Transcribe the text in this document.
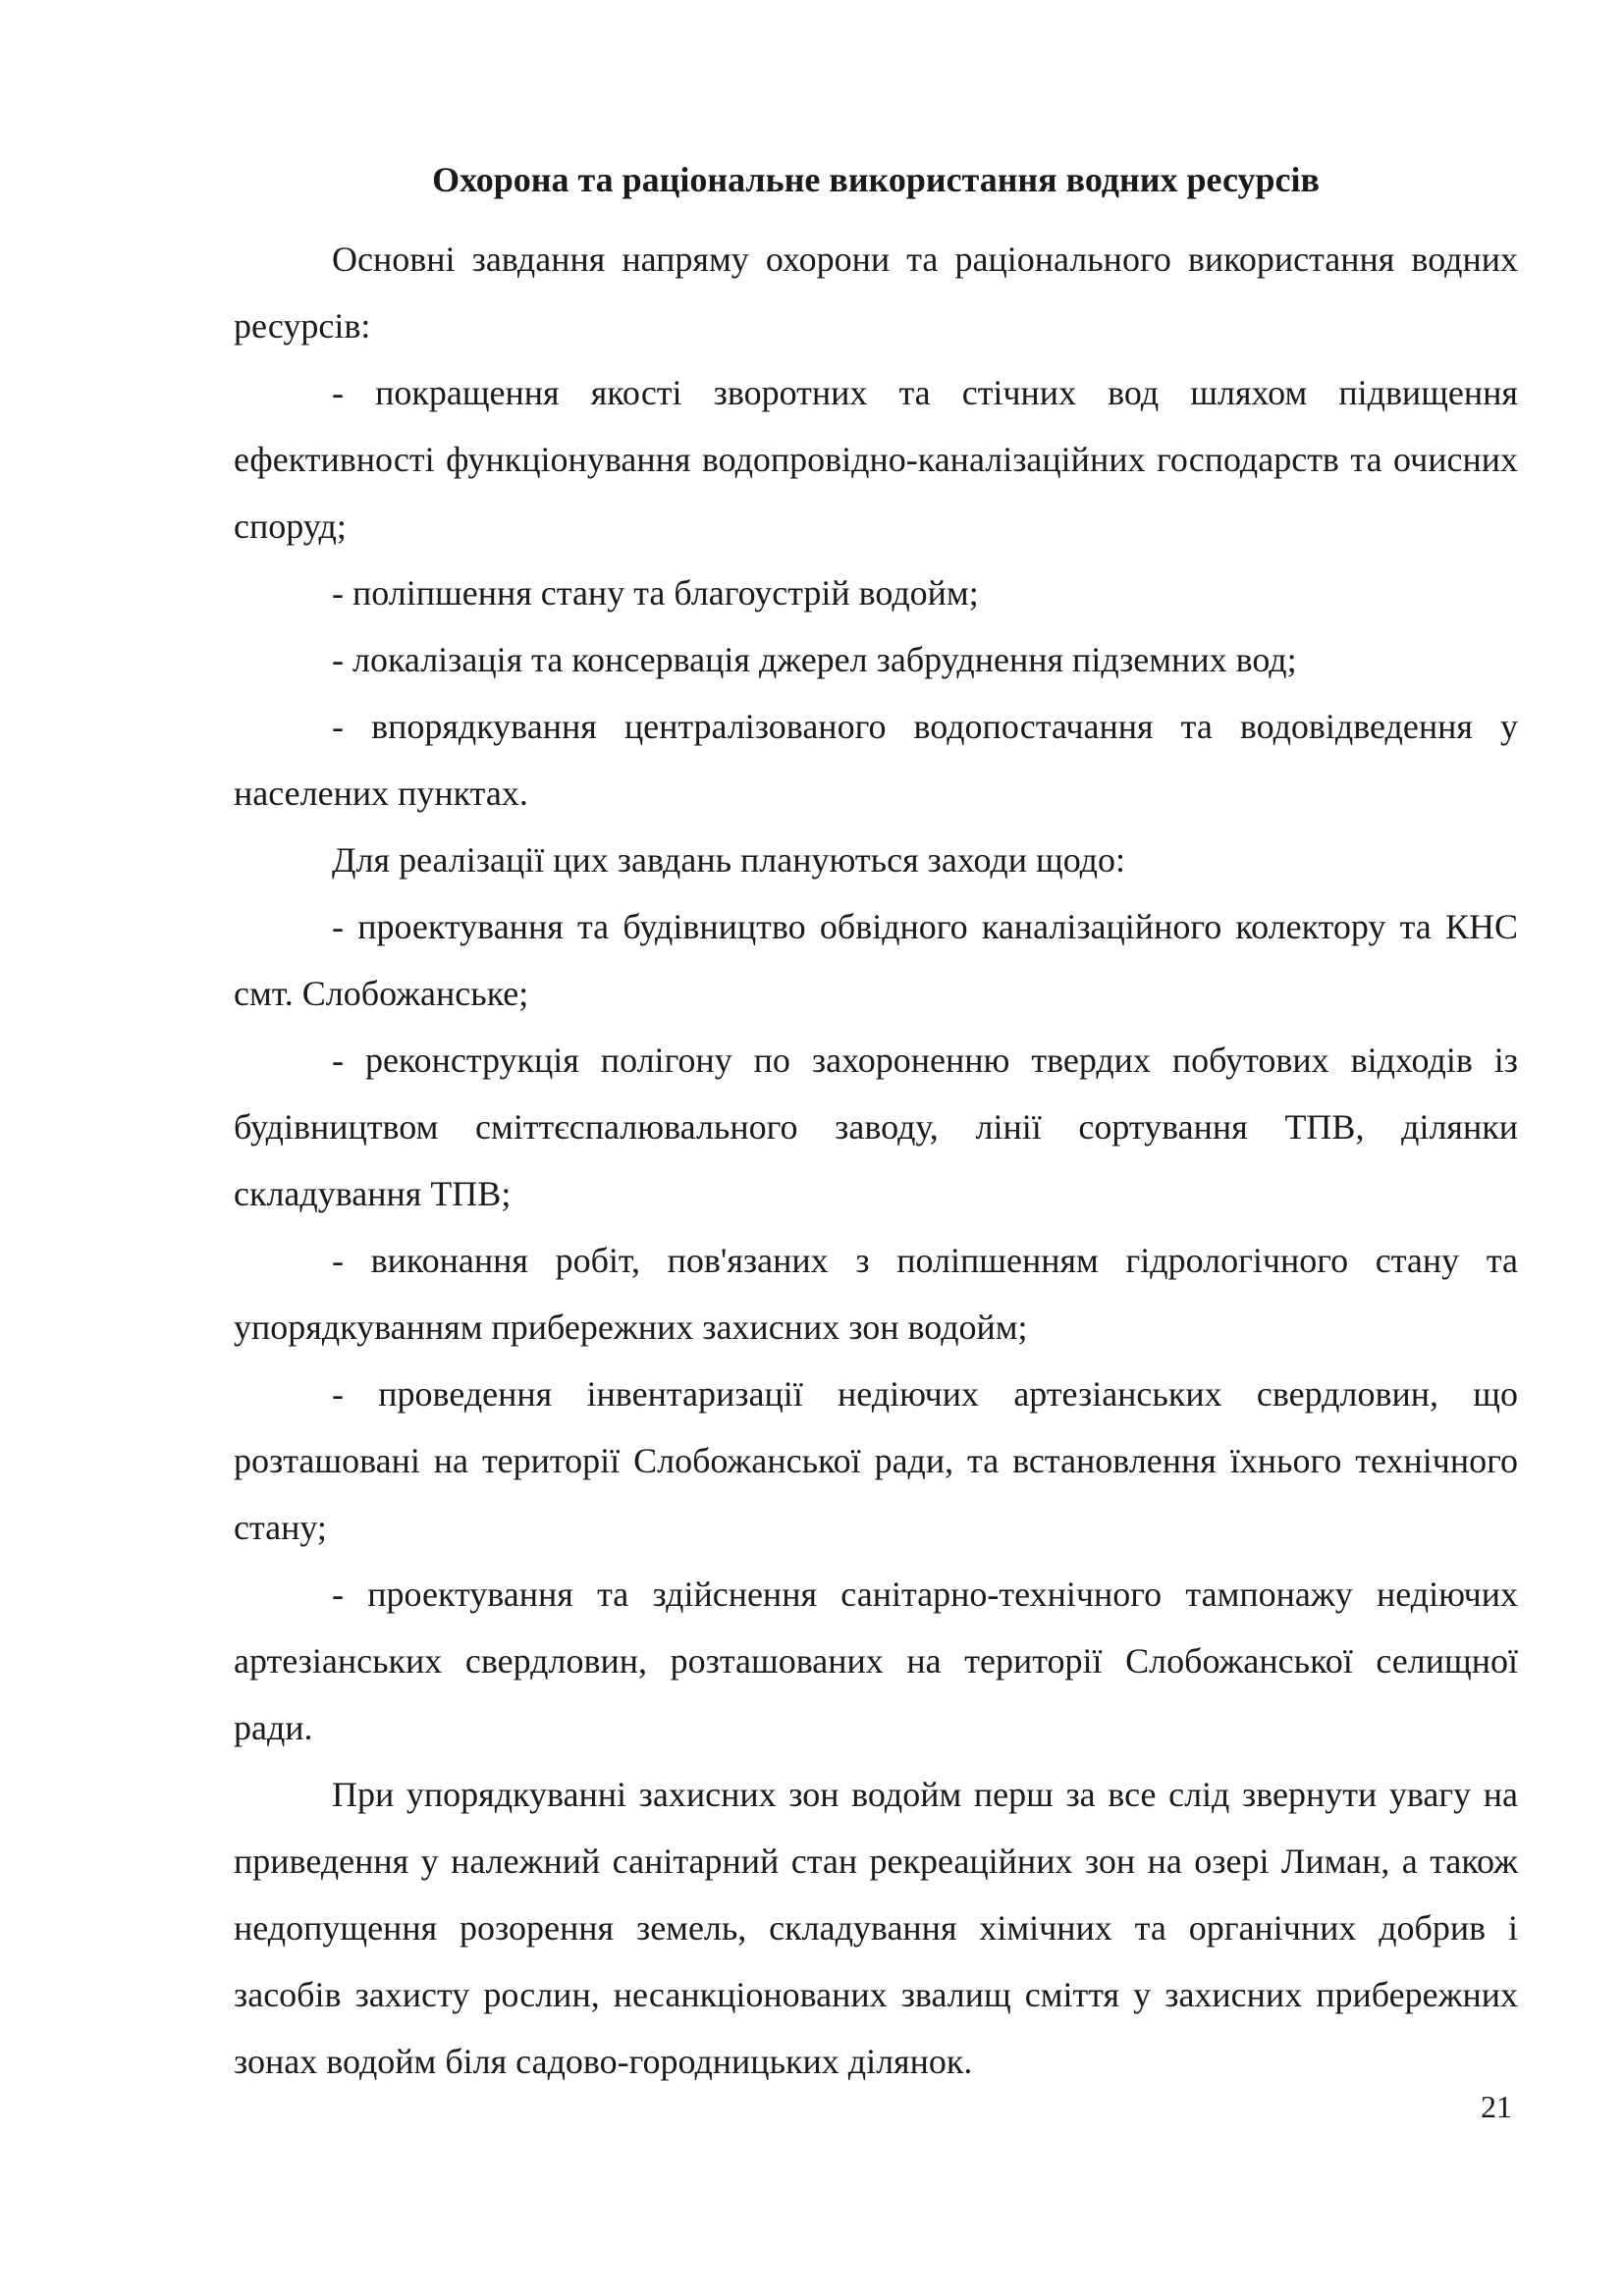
Охорона та раціональне використання водних ресурсів

Основні завдання напряму охорони та раціонального використання водних ресурсів:

- покращення якості зворотних та стічних вод шляхом підвищення ефективності функціонування водопровідно-каналізаційних господарств та очисних споруд;

- поліпшення стану та благоустрій водойм;

- локалізація та консервація джерел забруднення підземних вод;

- впорядкування централізованого водопостачання та водовідведення у населених пунктах.

Для реалізації цих завдань плануються заходи щодо:

- проектування та будівництво обвідного каналізаційного колектору та КНС смт. Слобожанське;

- реконструкція полігону по захороненню твердих побутових відходів із будівництвом сміттєспалювального заводу, лінії сортування ТПВ, ділянки складування ТПВ;

- виконання робіт, пов'язаних з поліпшенням гідрологічного стану та упорядкуванням прибережних захисних зон водойм;

- проведення інвентаризації недіючих артезіанських свердловин, що розташовані на території Слобожанської ради, та встановлення їхнього технічного стану;

- проектування та здійснення санітарно-технічного тампонажу недіючих артезіанських свердловин, розташованих на території Слобожанської селищної ради.

При упорядкуванні захисних зон водойм перш за все слід звернути увагу на приведення у належний санітарний стан рекреаційних зон на озері Лиман, а також недопущення розорення земель, складування хімічних та органічних добрив і засобів захисту рослин, несанкціонованих звалищ сміття у захисних прибережних зонах водойм біля садово-городницьких ділянок.

21
